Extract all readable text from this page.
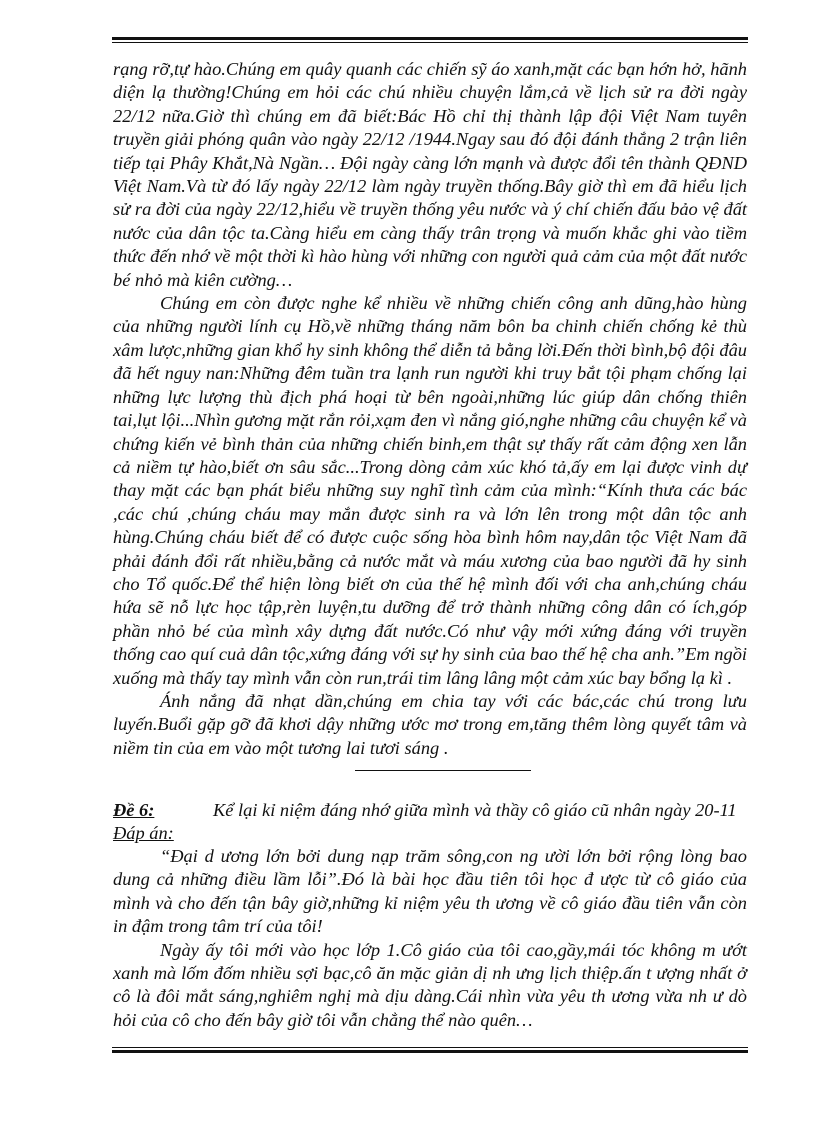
rạng rỡ,tự hào.Chúng em quây quanh các chiến sỹ áo xanh,mặt các bạn hớn hở, hãnh diện lạ thường!Chúng em hỏi các chú nhiều chuyện lắm,cả về lịch sử ra đời ngày 22/12 nữa.Giờ thì chúng em đã biết:Bác Hồ chỉ thị thành lập đội Việt Nam tuyên truyền giải phóng quân vào ngày 22/12 /1944.Ngay sau đó đội đánh thắng 2 trận liên tiếp tại Phây Khắt,Nà Ngần… Đội ngày càng lớn mạnh và được đổi tên thành QĐND Việt Nam.Và từ đó lấy ngày 22/12 làm ngày truyền thống.Bây giờ thì em đã hiểu lịch sử ra đời của ngày 22/12,hiểu về truyền thống yêu nước và ý chí chiến đấu bảo vệ đất nước của dân tộc ta.Càng hiểu em càng thấy trân trọng và muốn khắc ghi vào tiềm thức đến nhớ về một thời kì hào hùng với những con người quả cảm của một đất nước bé nhỏ mà kiên cường…

Chúng em còn được nghe kể nhiều về những chiến công anh dũng,hào hùng của những người lính cụ Hồ,về những tháng năm bôn ba chinh chiến chống kẻ thù xâm lược,những gian khổ hy sinh không thể diễn tả bằng lời.Đến thời bình,bộ đội đâu đã hết nguy nan:Những đêm tuần tra lạnh run người khi truy bắt tội phạm chống lại những lực lượng thù địch phá hoại từ bên ngoài,những lúc giúp dân chống thiên tai,lụt lội...Nhìn gương mặt rắn rỏi,xạm đen vì nắng gió,nghe những câu chuyện kể và chứng kiến vẻ bình thản của những chiến binh,em thật sự thấy rất cảm động xen lẫn cả niềm tự hào,biết ơn sâu sắc...Trong dòng cảm xúc khó tả,ấy em lại được vinh dự thay mặt các bạn phát biểu những suy nghĩ tình cảm của mình:“Kính thưa các bác ,các chú ,chúng cháu may mắn được sinh ra và lớn lên trong một dân tộc anh hùng.Chúng cháu biết để có được cuộc sống hòa bình hôm nay,dân tộc Việt Nam đã phải đánh đổi rất nhiều,bằng cả nước mắt và máu xương của bao người đã hy sinh cho Tổ quốc.Để thể hiện lòng biết ơn của thế hệ mình đối với cha anh,chúng cháu hứa sẽ nỗ lực học tập,rèn luyện,tu dưỡng để trở thành những công dân có ích,góp phần nhỏ bé của mình xây dựng đất nước.Có như vậy mới xứng đáng với truyền thống cao quí cuả dân tộc,xứng đáng với sự hy sinh của bao thế hệ cha anh.”Em ngồi xuống mà thấy tay mình vẫn còn run,trái tim lâng lâng một cảm xúc bay bổng lạ kì .

Ánh nắng đã nhạt dần,chúng em chia tay với các bác,các chú trong lưu luyến.Buổi gặp gỡ đã khơi dậy những ước mơ trong em,tăng thêm lòng quyết tâm và niềm tin của em vào một tương lai tươi sáng .

Đề 6:	Kể lại kỉ niệm đáng nhớ giữa mình và thầy cô giáo cũ nhân ngày 20-11
Đáp án:

“Đại d ương lớn bởi dung nạp trăm sông,con ng ười lớn bởi rộng lòng bao dung cả những điều lầm lỗi”.Đó là bài học đầu tiên tôi học đ ược từ cô giáo của mình và cho đến tận bây giờ,những kỉ niệm yêu th ương về cô giáo đầu tiên vẫn còn in đậm trong tâm trí của tôi!

Ngày ấy tôi mới vào học lớp 1.Cô giáo của tôi cao,gầy,mái tóc không m ướt xanh mà lốm đốm nhiều sợi bạc,cô ăn mặc giản dị nh ưng lịch thiệp.ấn t ượng nhất ở cô là đôi mắt sáng,nghiêm nghị mà dịu dàng.Cái nhìn vừa yêu th ương vừa nh ư dò hỏi của cô cho đến bây giờ tôi vẫn chẳng thể nào quên…
